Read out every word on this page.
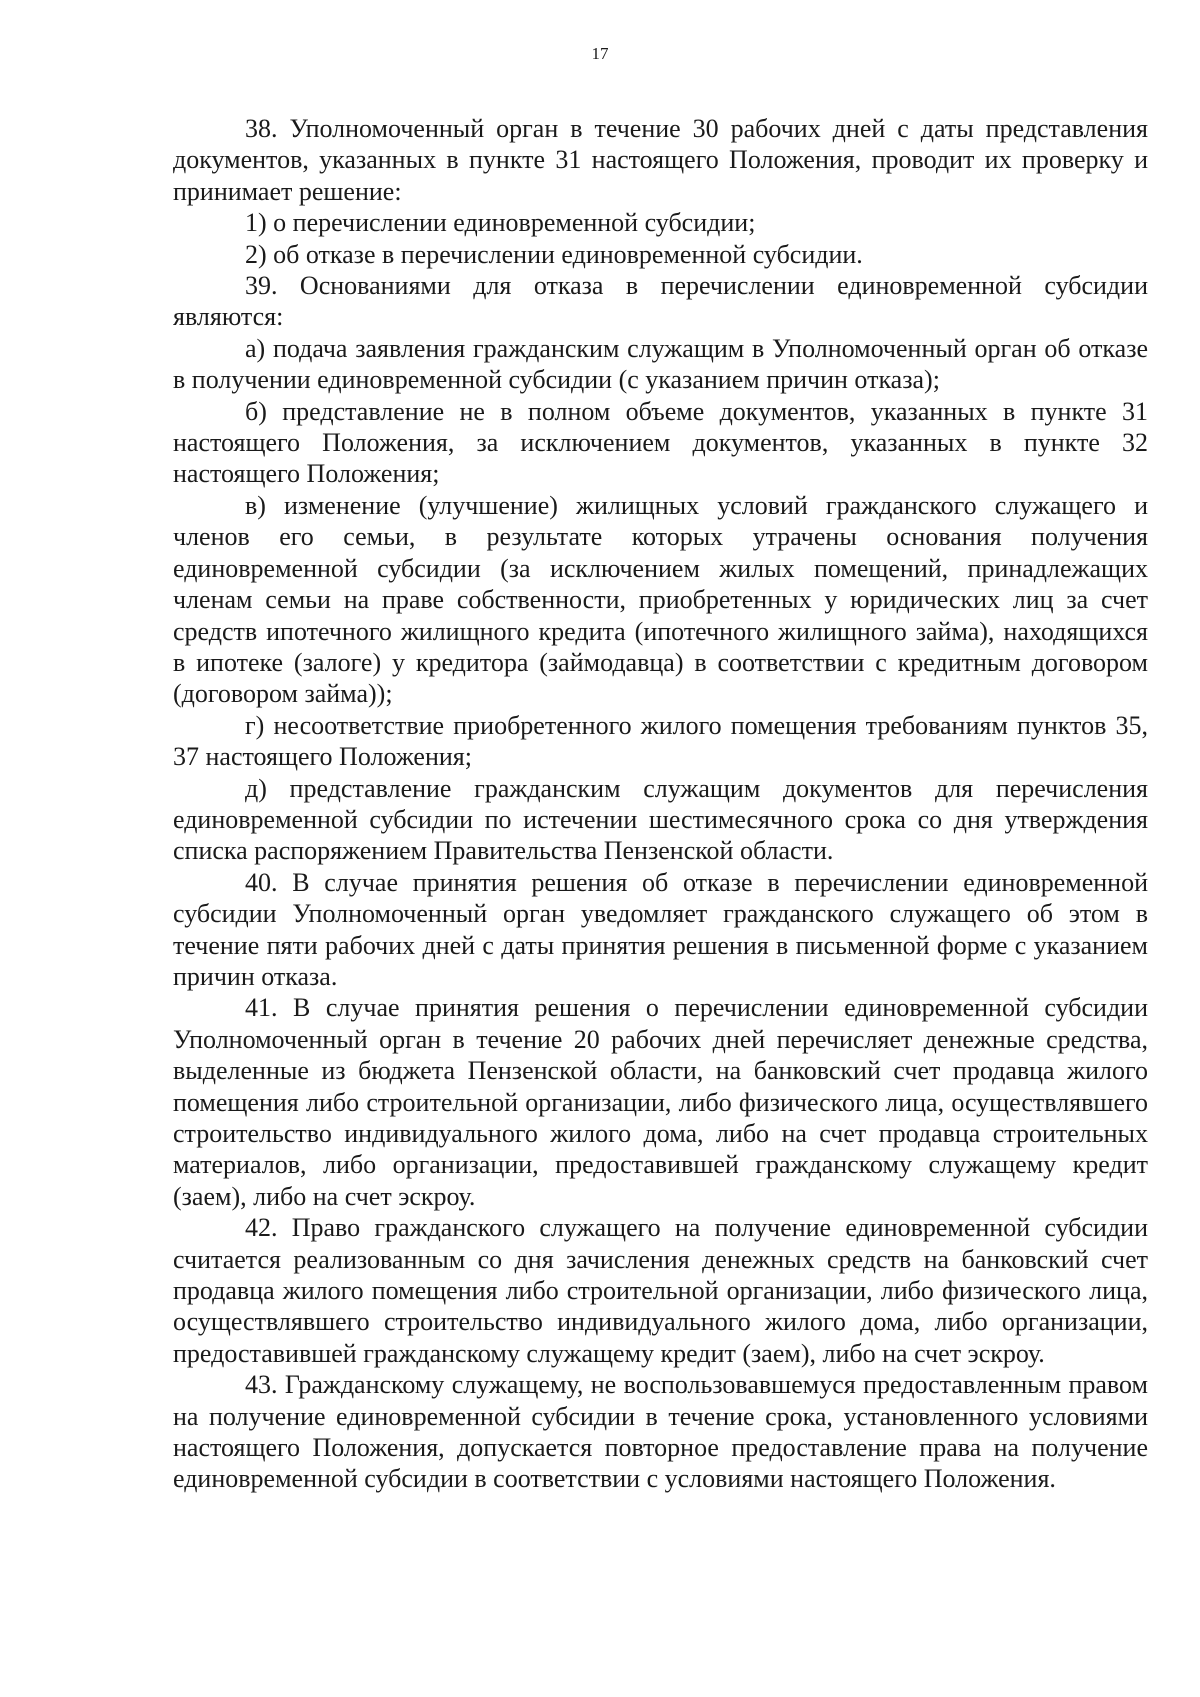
17

38. Уполномоченный орган в течение 30 рабочих дней с даты представления документов, указанных в пункте 31 настоящего Положения, проводит их проверку и принимает решение:

1) о перечислении единовременной субсидии;

2) об отказе в перечислении единовременной субсидии.

39. Основаниями для отказа в перечислении единовременной субсидии являются:

а) подача заявления гражданским служащим в Уполномоченный орган об отказе в получении единовременной субсидии (с указанием причин отказа);

б) представление не в полном объеме документов, указанных в пункте 31 настоящего Положения, за исключением документов, указанных в пункте 32 настоящего Положения;

в) изменение (улучшение) жилищных условий гражданского служащего и членов его семьи, в результате которых утрачены основания получения единовременной субсидии (за исключением жилых помещений, принадлежащих членам семьи на праве собственности, приобретенных у юридических лиц за счет средств ипотечного жилищного кредита (ипотечного жилищного займа), находящихся в ипотеке (залоге) у кредитора (займодавца) в соответствии с кредитным договором (договором займа));

г) несоответствие приобретенного жилого помещения требованиям пунктов 35, 37 настоящего Положения;

д) представление гражданским служащим документов для перечисления единовременной субсидии по истечении шестимесячного срока со дня утверждения списка распоряжением Правительства Пензенской области.

40. В случае принятия решения об отказе в перечислении единовременной субсидии Уполномоченный орган уведомляет гражданского служащего об этом в течение пяти рабочих дней с даты принятия решения в письменной форме с указанием причин отказа.

41. В случае принятия решения о перечислении единовременной субсидии Уполномоченный орган в течение 20 рабочих дней перечисляет денежные средства, выделенные из бюджета Пензенской области, на банковский счет продавца жилого помещения либо строительной организации, либо физического лица, осуществлявшего строительство индивидуального жилого дома, либо на счет продавца строительных материалов, либо организации, предоставившей гражданскому служащему кредит (заем), либо на счет эскроу.

42. Право гражданского служащего на получение единовременной субсидии считается реализованным со дня зачисления денежных средств на банковский счет продавца жилого помещения либо строительной организации, либо физического лица, осуществлявшего строительство индивидуального жилого дома, либо организации, предоставившей гражданскому служащему кредит (заем), либо на счет эскроу.

43. Гражданскому служащему, не воспользовавшемуся предоставленным правом на получение единовременной субсидии в течение срока, установленного условиями настоящего Положения, допускается повторное предоставление права на получение единовременной субсидии в соответствии с условиями настоящего Положения.
